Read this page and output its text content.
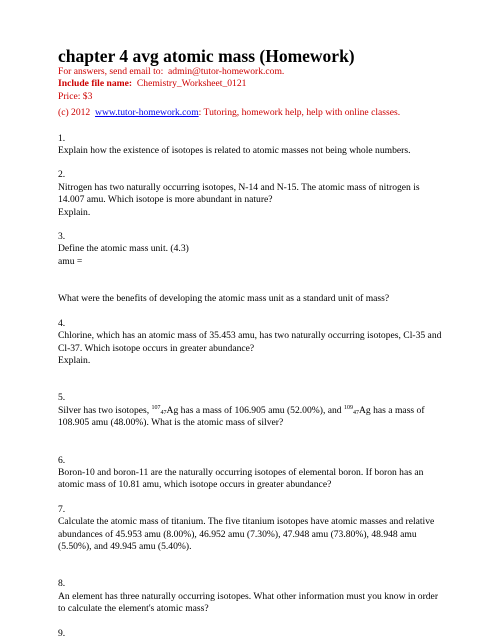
chapter 4 avg atomic mass (Homework)
For answers, send email to: admin@tutor-homework.com.
Include file name: Chemistry_Worksheet_0121
Price: $3
(c) 2012 www.tutor-homework.com: Tutoring, homework help, help with online classes.
1.
Explain how the existence of isotopes is related to atomic masses not being whole numbers.
2.
Nitrogen has two naturally occurring isotopes, N-14 and N-15. The atomic mass of nitrogen is
14.007 amu. Which isotope is more abundant in nature?
Explain.
3.
Define the atomic mass unit. (4.3)
amu =
What were the benefits of developing the atomic mass unit as a standard unit of mass?
4.
Chlorine, which has an atomic mass of 35.453 amu, has two naturally occurring isotopes, Cl-35 and
Cl-37. Which isotope occurs in greater abundance?
Explain.
5.
Silver has two isotopes, $^{107}_{47}$Ag has a mass of 106.905 amu (52.00%), and $^{109}_{47}$Ag has a mass of
108.905 amu (48.00%). What is the atomic mass of silver?
6.
Boron-10 and boron-11 are the naturally occurring isotopes of elemental boron. If boron has an
atomic mass of 10.81 amu, which isotope occurs in greater abundance?
7.
Calculate the atomic mass of titanium. The five titanium isotopes have atomic masses and relative
abundances of 45.953 amu (8.00%), 46.952 amu (7.30%), 47.948 amu (73.80%), 48.948 amu
(5.50%), and 49.945 amu (5.40%).
8.
An element has three naturally occurring isotopes. What other information must you know in order
to calculate the element's atomic mass?
9.
